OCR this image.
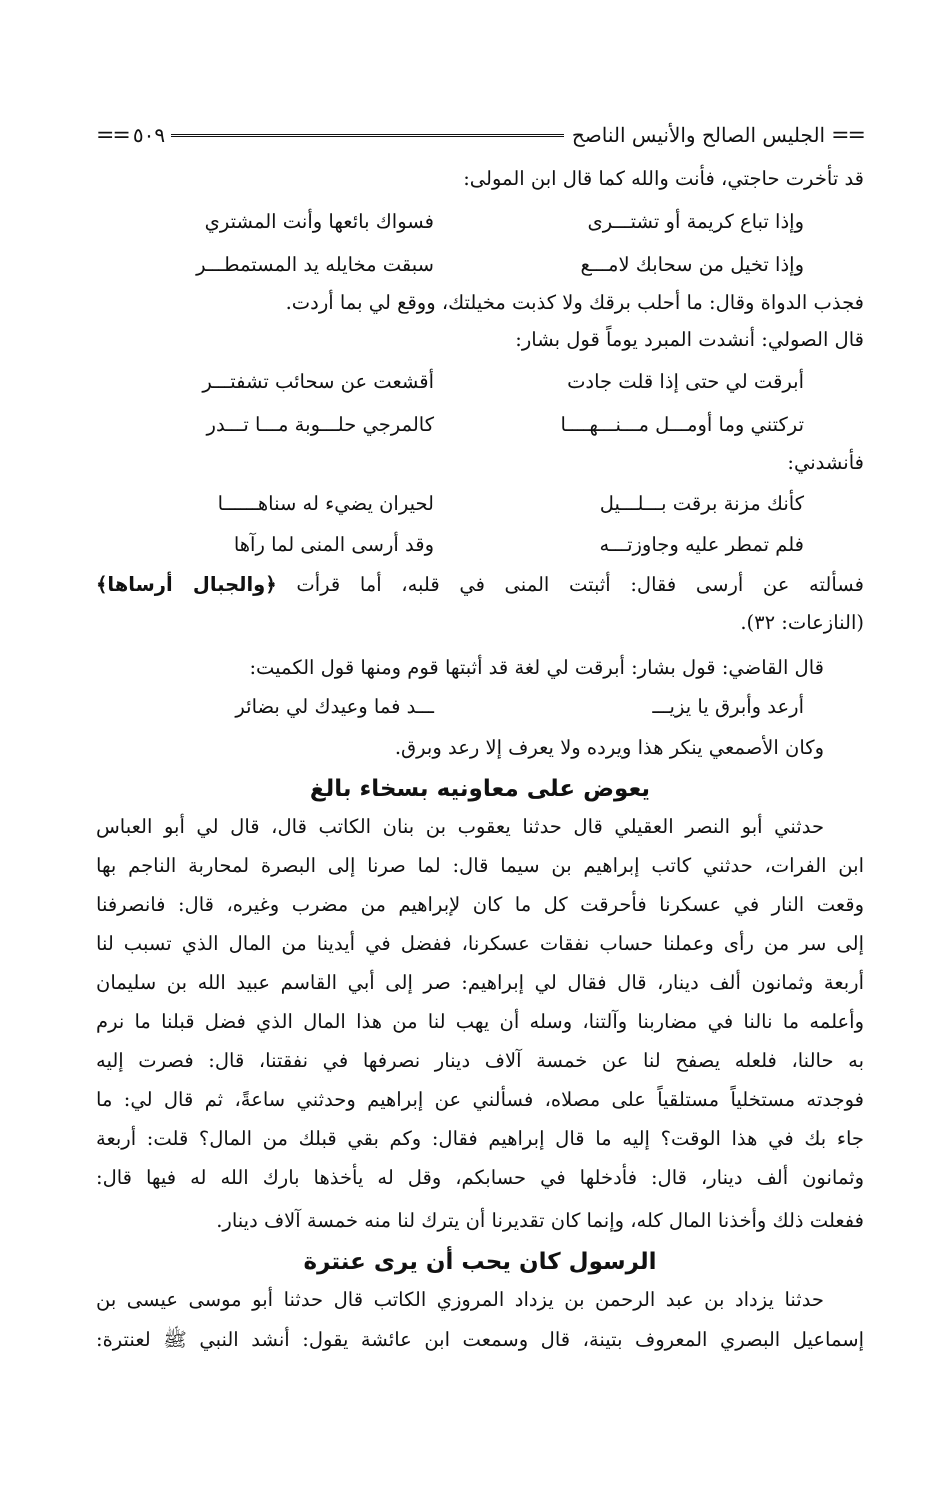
==
الجليس الصالح والأنيس الناصح
٥٠٩
==
قد تأخرت حاجتي، فأنت والله كما قال ابن المولى:
وإذا تباع كريمة أو تشتـــرى
فسواك بائعها وأنت المشتري
وإذا تخيل من سحابك لامـــع
سبقت مخايله يد المستمطـــر
فجذب الدواة وقال: ما أحلب برقك ولا كذبت مخيلتك، ووقع لي بما أردت.
قال الصولي: أنشدت المبرد يوماً قول بشار:
أبرقت لي حتى إذا قلت جادت
أقشعت عن سحائب تشفتـــر
تركتني وما أومـــل مـــنـــهــــا
كالمرجي حلـــوبة مـــا تـــدر
فأنشدني:
كأنك مزنة برقت بـــلـــيل
لحيران يضيء له سناهــــــا
فلم تمطر عليه وجاوزتـــه
وقد أرسى المنى لما رآها
فسألته عن أرسى فقال: أثبتت المنى في قلبه، أما قرأت ﴿والجبال أرساها﴾
(النازعات: ٣٢).
قال القاضي: قول بشار: أبرقت لي لغة قد أثبتها قوم ومنها قول الكميت:
أرعد وأبرق يا يزيـــ
ـــد فما وعيدك لي بضائر
وكان الأصمعي ينكر هذا ويرده ولا يعرف إلا رعد وبرق.
يعوض على معاونيه بسخاء بالغ
حدثني أبو النصر العقيلي قال حدثنا يعقوب بن بنان الكاتب قال، قال لي أبو العباس
ابن الفرات، حدثني كاتب إبراهيم بن سيما قال: لما صرنا إلى البصرة لمحاربة الناجم بها
وقعت النار في عسكرنا فأحرقت كل ما كان لإبراهيم من مضرب وغيره، قال: فانصرفنا
إلى سر من رأى وعملنا حساب نفقات عسكرنا، ففضل في أيدينا من المال الذي تسبب لنا
أربعة وثمانون ألف دينار، قال فقال لي إبراهيم: صر إلى أبي القاسم عبيد الله بن سليمان
وأعلمه ما نالنا في مضاربنا وآلتنا، وسله أن يهب لنا من هذا المال الذي فضل قبلنا ما نرم
به حالنا، فلعله يصفح لنا عن خمسة آلاف دينار نصرفها في نفقتنا، قال: فصرت إليه
فوجدته مستخلياً مستلقياً على مصلاه، فسألني عن إبراهيم وحدثني ساعةً، ثم قال لي: ما
جاء بك في هذا الوقت؟ إليه ما قال إبراهيم فقال: وكم بقي قبلك من المال؟ قلت: أربعة
وثمانون ألف دينار، قال: فأدخلها في حسابكم، وقل له يأخذها بارك الله له فيها قال:
ففعلت ذلك وأخذنا المال كله، وإنما كان تقديرنا أن يترك لنا منه خمسة آلاف دينار.
الرسول كان يحب أن يرى عنترة
حدثنا يزداد بن عبد الرحمن بن يزداد المروزي الكاتب قال حدثنا أبو موسى عيسى بن
إسماعيل البصري المعروف بتينة، قال وسمعت ابن عائشة يقول: أنشد النبي ﷺ لعنترة:
